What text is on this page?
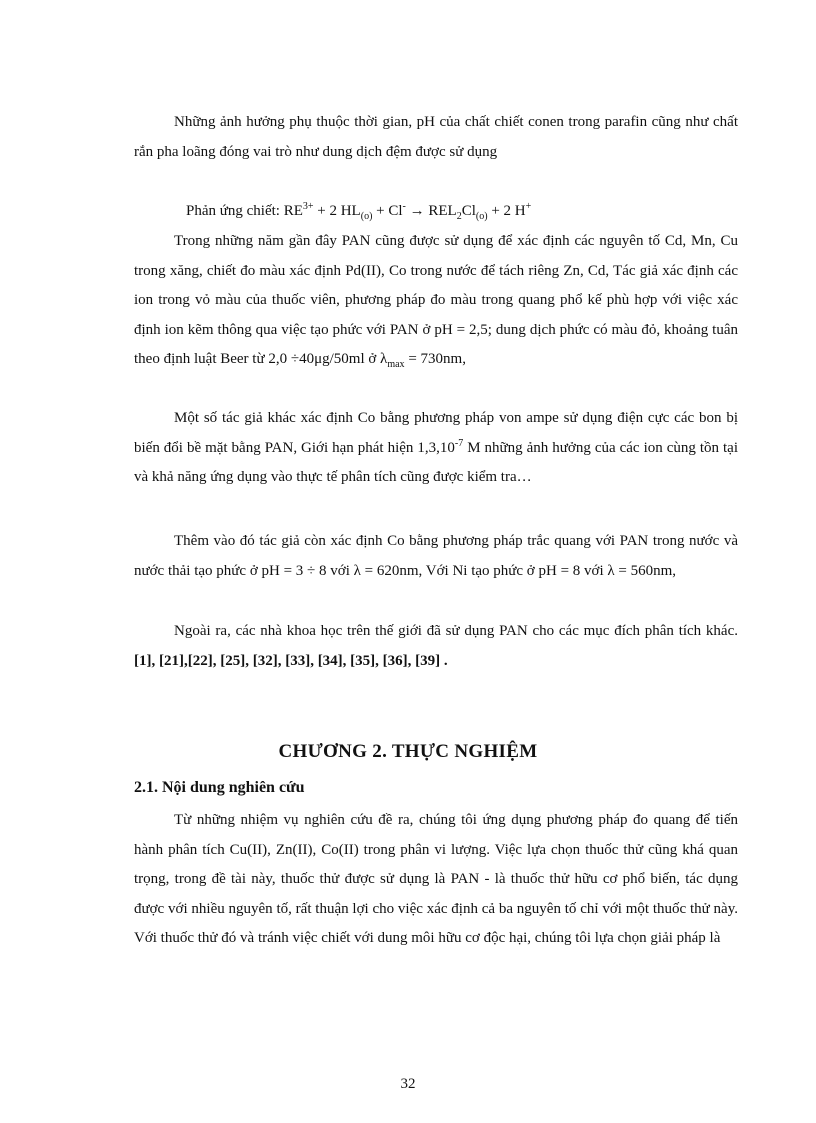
Những ảnh hưởng phụ thuộc thời gian, pH của chất chiết conen trong parafin cũng như chất rắn pha loãng đóng vai trò như dung dịch đệm được sử dụng

Phản ứng chiết: $RE^{3+} + 2$ $HL_{(o)} + Cl^- \to REL_2Cl_{(o)} + 2$ H+

Trong những năm gần đây PAN cũng được sử dụng để xác định các nguyên tố Cd, Mn, Cu trong xăng, chiết đo màu xác định Pd(II), Co trong nước để tách riêng Zn, Cd, Tác giả xác định các ion trong vỏ màu của thuốc viên, phương pháp đo màu trong quang phổ kế phù hợp với việc xác định ion kẽm thông qua việc tạo phức với PAN ở pH = 2,5; dung dịch phức có màu đỏ, khoảng tuân theo định luật Beer từ 2,0 ÷40μg/50ml ở $\lambda_{max} = 730nm$,

Một số tác giả khác xác định Co bằng phương pháp von ampe sử dụng điện cực các bon bị biến đổi bề mặt bằng PAN, Giới hạn phát hiện $1,3,10^{-7}$ M những ảnh hưởng của các ion cùng tồn tại và khả năng ứng dụng vào thực tế phân tích cũng được kiểm tra…

Thêm vào đó tác giả còn xác định Co bằng phương pháp trắc quang với PAN trong nước và nước thải tạo phức ở pH = 3 ÷ 8 với λ = 620nm, Với Ni tạo phức ở pH = 8 với λ = 560nm,

Ngoài ra, các nhà khoa học trên thế giới đã sử dụng PAN cho các mục đích phân tích khác. [1], [21],[22], [25], [32], [33], [34], [35], [36], [39] .

CHƯƠNG 2. THỰC NGHIỆM
2.1. Nội dung nghiên cứu

Từ những nhiệm vụ nghiên cứu đề ra, chúng tôi ứng dụng phương pháp đo quang để tiến hành phân tích Cu(II), Zn(II), Co(II) trong phân vi lượng. Việc lựa chọn thuốc thử cũng khá quan trọng, trong đề tài này, thuốc thử được sử dụng là PAN - là thuốc thử hữu cơ phổ biến, tác dụng được với nhiều nguyên tố, rất thuận lợi cho việc xác định cả ba nguyên tố chỉ với một thuốc thử này. Với thuốc thử đó và tránh việc chiết với dung môi hữu cơ độc hại, chúng tôi lựa chọn giải pháp là

32
